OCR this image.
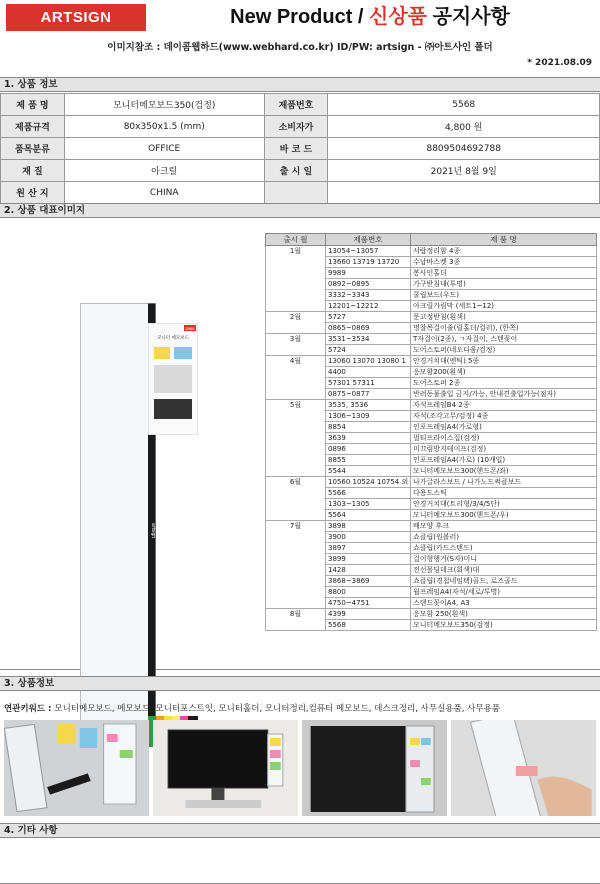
ARTSIGN	New Product / 신상품 공지사항
이미지참조 : 데이콤웹하드(www.webhard.co.kr) ID/PW: artsign - ㈜아트사인 폴더
* 2021.08.09
1. 상품 정보
제 품 명	모니터메모보드350(검정)	제품번호	5568
제품규격	80x350x1.5 (mm)	소비자가	4,800 원
품목분류	OFFICE	바 코 드	8809504692788
재 질	아크릴	출 시 일	2021년 8월 9일
원 산 지	CHINA		
2. 상품 대표이미지
artsign
5568
모니터 메모보드
출시 월	제품번호	제 품 명
1월	13054~13057	서랍정리함 4종
	13660 13719 13720	수납바스켓 3종
	9989	봉사인홀더
	0892~0895	가구받침대(투명)
	3332~3343	쿨립보드(우드)
	12201~12212	아크릴가림막 (세트1~12)
2월	5727	문고정받침(흰색)
	0865~0869	명찰목걸이줄(릴홀더/컬러), (한쪽)
3월	3531~3534	T자걸이(2종), ㄱ자걸이, 스텐꽂이
	5724	도어스토퍼(네오디움/검정)
4월	13060 13070 13080 1	안경거치대(엔틱) 5종
	4400	응모함200(흰색)
	57301 57311	도어스토퍼 2종
	0875~0877	반려동물출입 금지/가능, 안내견출입가능(점자)
5월	3535, 3536	자석프레임B4 2종
	1306~1309	자석(조각고무/검정) 4종
	8854	인포프레임A4(가로형)
	3639	멀티프라이스집(검정)
	0896	미끄럼방지테이프(검정)
	8855	인포프레임A4(가로) (10개입)
	5544	모니터메모보드300(핸드폰/좌)
6월	10560 10524 10754 외	나가글라스보드 / 나가노드써클보드
	5566	다용도스틱
	1303~1305	안경거치대(트리형/3/4/5단)
	5564	모니터메모보드300(핸드폰/우)
7월	3898	배모양 후크
	3900	쇼클립(원볼러)
	3897	쇼클립(카드스탠드)
	3899	걸이형행거(S자)미니
	1428	전선몰딩데크(회색)대
	3868~3869	쇼클립(경첩네임택)골드, 로즈골드
	8800	월프레임A4(자석/세로/투명)
	4750~4751	스탠드꽂이A4, A3
8월	4399	응모함 250(흰색)
	5568	모니터메모보드350(검정)
3. 상품정보
연관키워드 : 모니터메모보드, 메모보드, 모니터포스트잇, 모니터홀더, 모니터정리,컴퓨터 메모보드, 데스크정리, 사무실용품, 사무용품
4. 기타 사항
